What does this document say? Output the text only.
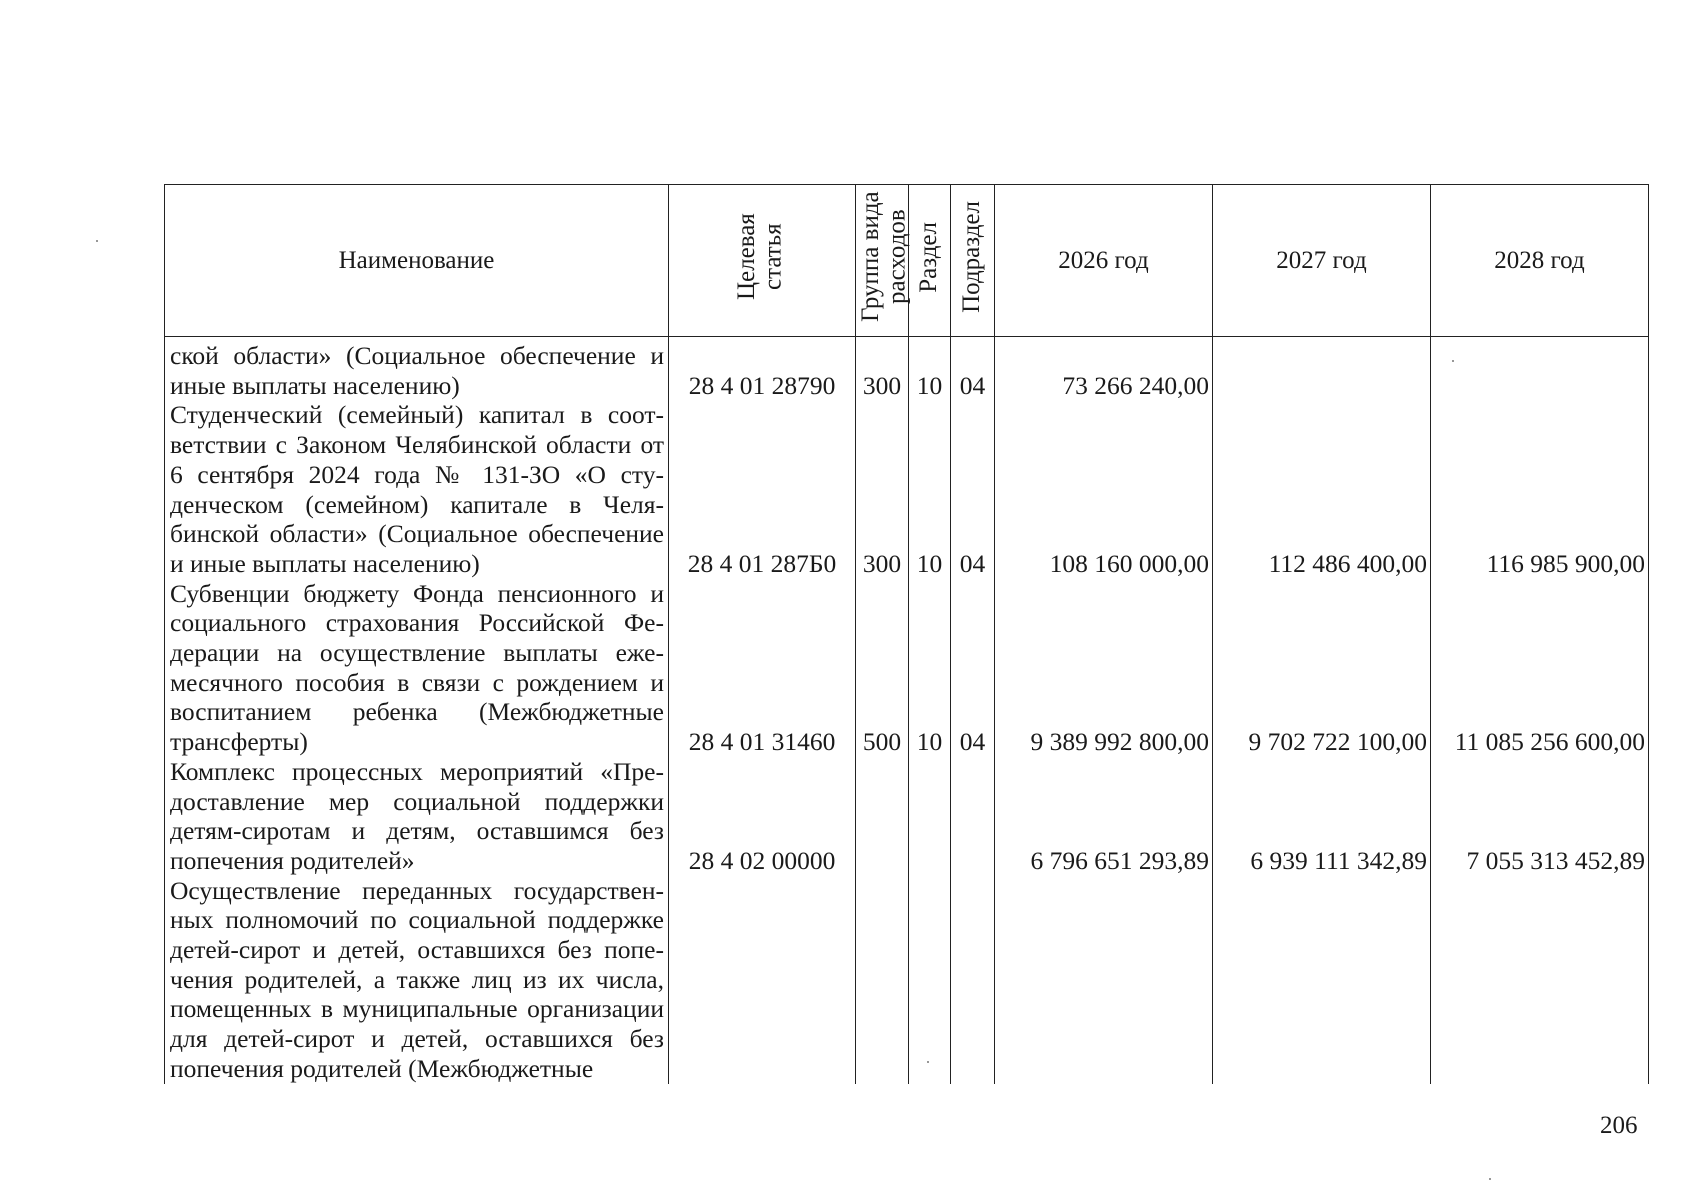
Наименование	Целевая статья	Группа вида расходов	Раздел	Подраздел	2026 год	2027 год	2028 год
ской области» (Социальное обеспечение и иные выплаты населению)	28 4 01 28790	300	10	04	73 266 240,00		
Студенческий (семейный) капитал в соответствии с Законом Челябинской области от 6 сентября 2024 года № 131-ЗО «О студенческом (семейном) капитале в Челябинской области» (Социальное обеспечение и иные выплаты населению)	28 4 01 287Б0	300	10	04	108 160 000,00	112 486 400,00	116 985 900,00
Субвенции бюджету Фонда пенсионного и социального страхования Российской Федерации на осуществление выплаты ежемесячного пособия в связи с рождением и воспитанием ребенка (Межбюджетные трансферты)	28 4 01 31460	500	10	04	9 389 992 800,00	9 702 722 100,00	11 085 256 600,00
Комплекс процессных мероприятий «Предоставление мер социальной поддержки детям-сиротам и детям, оставшимся без попечения родителей»	28 4 02 00000				6 796 651 293,89	6 939 111 342,89	7 055 313 452,89
Осуществление переданных государственных полномочий по социальной поддержке детей-сирот и детей, оставшихся без попечения родителей, а также лиц из их числа, помещенных в муниципальные организации для детей-сирот и детей, оставшихся без попечения родителей (Межбюджетные							
206
